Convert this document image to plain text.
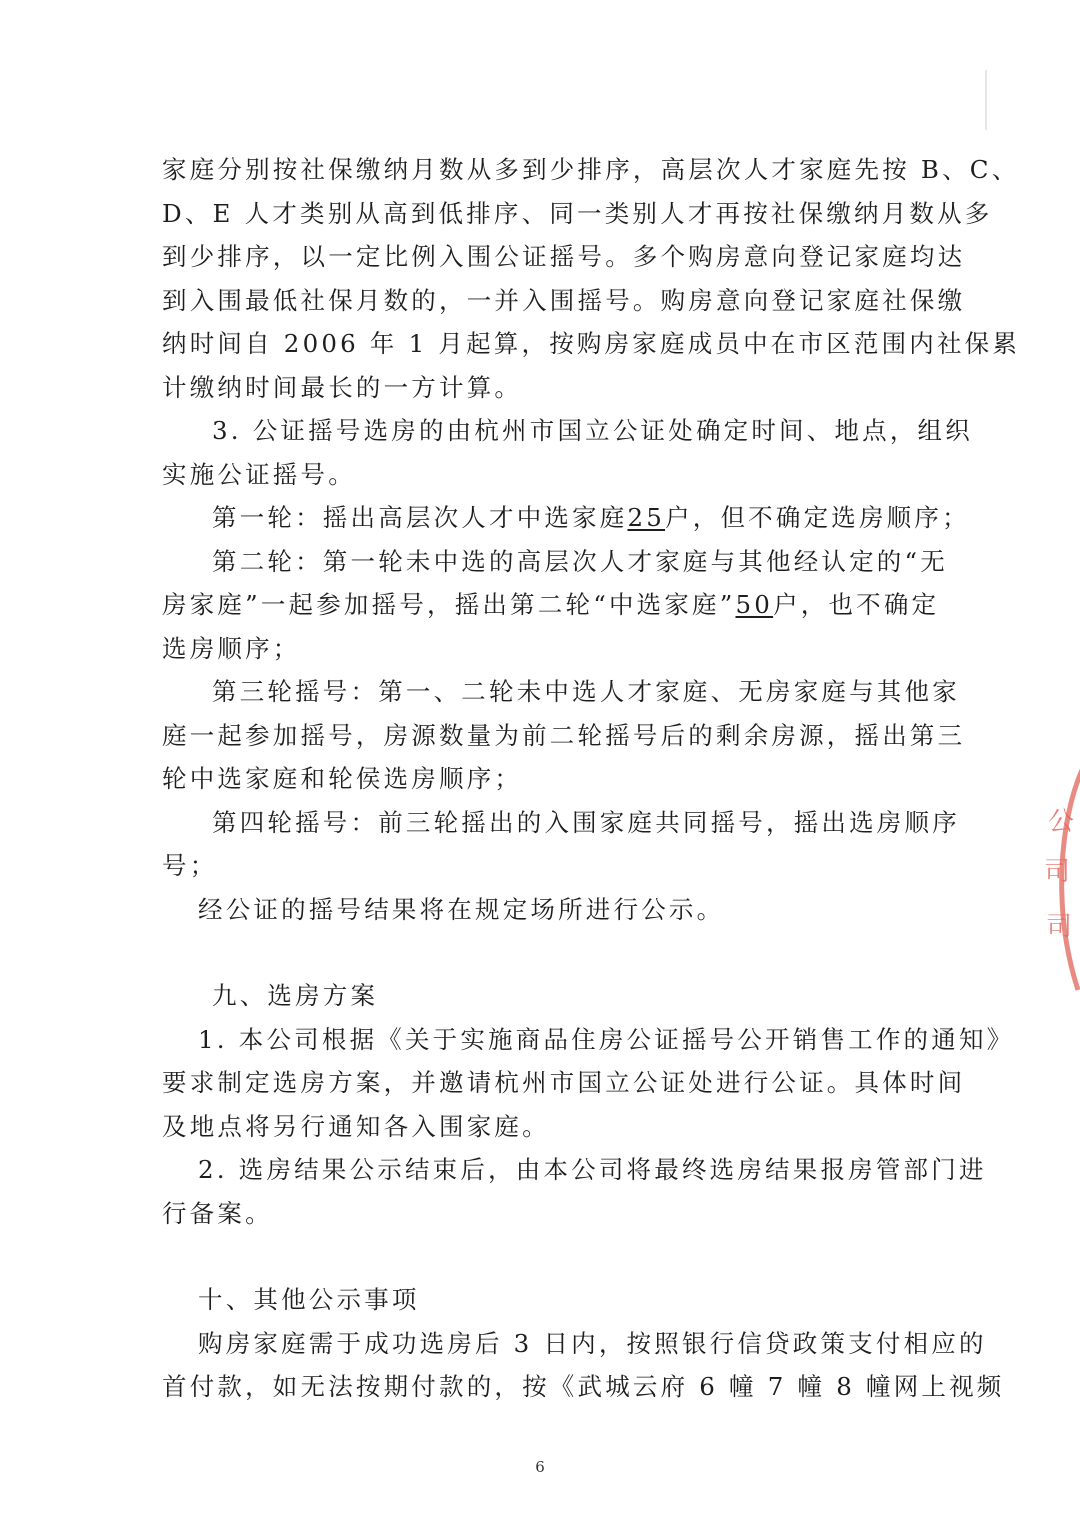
家庭分别按社保缴纳月数从多到少排序，高层次人才家庭先按 B、C、
D、E 人才类别从高到低排序、同一类别人才再按社保缴纳月数从多
到少排序，以一定比例入围公证摇号。多个购房意向登记家庭均达
到入围最低社保月数的，一并入围摇号。购房意向登记家庭社保缴
纳时间自 2006 年 1 月起算，按购房家庭成员中在市区范围内社保累
计缴纳时间最长的一方计算。
3. 公证摇号选房的由杭州市国立公证处确定时间、地点，组织
实施公证摇号。
第一轮：摇出高层次人才中选家庭25户，但不确定选房顺序；
第二轮：第一轮未中选的高层次人才家庭与其他经认定的“无
房家庭”一起参加摇号，摇出第二轮“中选家庭”50户，也不确定
选房顺序；
第三轮摇号：第一、二轮未中选人才家庭、无房家庭与其他家
庭一起参加摇号，房源数量为前二轮摇号后的剩余房源，摇出第三
轮中选家庭和轮侯选房顺序；
第四轮摇号：前三轮摇出的入围家庭共同摇号，摇出选房顺序
号；
经公证的摇号结果将在规定场所进行公示。
九、选房方案
1. 本公司根据《关于实施商品住房公证摇号公开销售工作的通知》
要求制定选房方案，并邀请杭州市国立公证处进行公证。具体时间
及地点将另行通知各入围家庭。
2. 选房结果公示结束后，由本公司将最终选房结果报房管部门进
行备案。
十、其他公示事项
购房家庭需于成功选房后 3 日内，按照银行信贷政策支付相应的
首付款，如无法按期付款的，按《武城云府 6 幢 7 幢 8 幢网上视频
公
司
司
6
